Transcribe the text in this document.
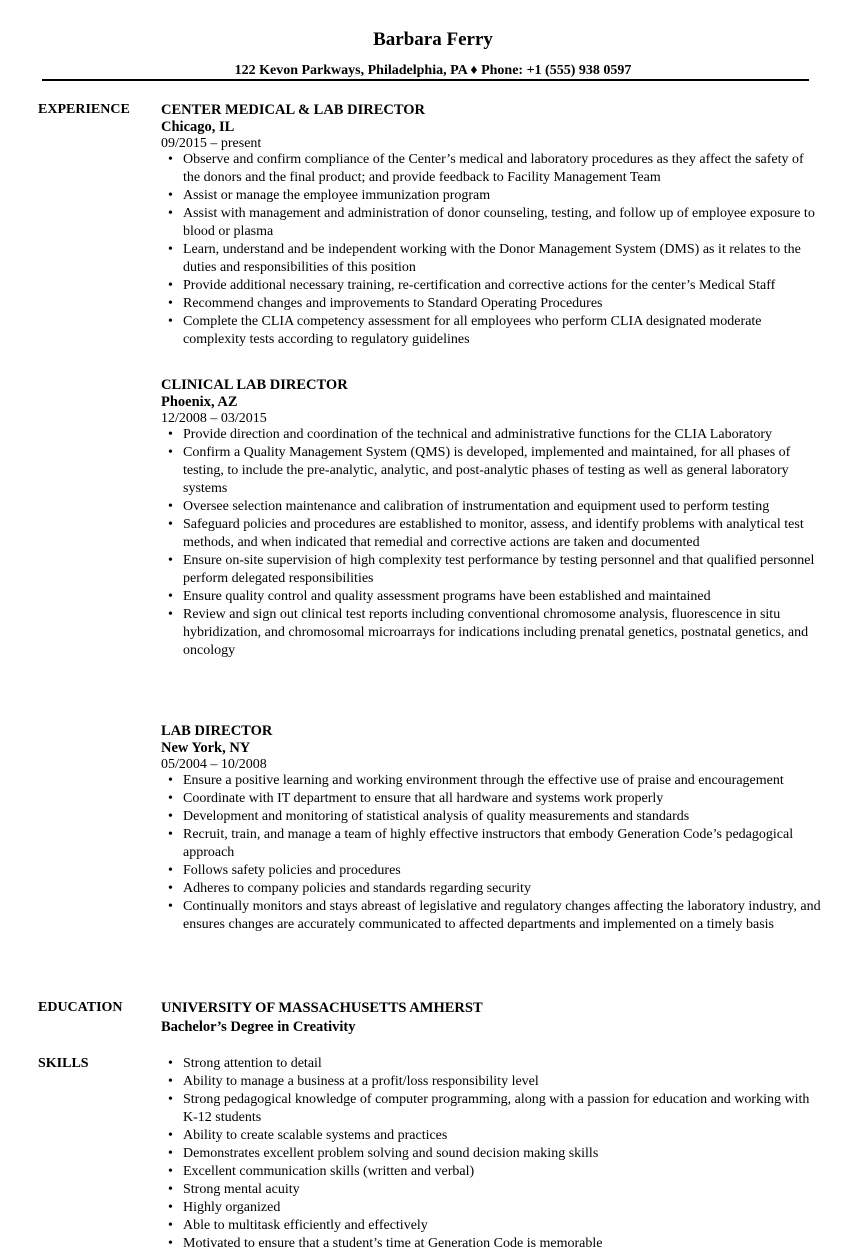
Barbara Ferry
122 Kevon Parkways, Philadelphia, PA ♦ Phone: +1 (555) 938 0597
EXPERIENCE CENTER MEDICAL & LAB DIRECTOR
Chicago, IL
09/2015 – present
• Observe and confirm compliance of the Center’s medical and laboratory procedures as they affect the safety of the donors and the final product; and provide feedback to Facility Management Team
• Assist or manage the employee immunization program
• Assist with management and administration of donor counseling, testing, and follow up of employee exposure to blood or plasma
• Learn, understand and be independent working with the Donor Management System (DMS) as it relates to the duties and responsibilities of this position
• Provide additional necessary training, re-certification and corrective actions for the center’s Medical Staff
• Recommend changes and improvements to Standard Operating Procedures
• Complete the CLIA competency assessment for all employees who perform CLIA designated moderate complexity tests according to regulatory guidelines
CLINICAL LAB DIRECTOR
Phoenix, AZ
12/2008 – 03/2015
• Provide direction and coordination of the technical and administrative functions for the CLIA Laboratory
• Confirm a Quality Management System (QMS) is developed, implemented and maintained, for all phases of testing, to include the pre-analytic, analytic, and post-analytic phases of testing as well as general laboratory systems
• Oversee selection maintenance and calibration of instrumentation and equipment used to perform testing
• Safeguard policies and procedures are established to monitor, assess, and identify problems with analytical test methods, and when indicated that remedial and corrective actions are taken and documented
• Ensure on-site supervision of high complexity test performance by testing personnel and that qualified personnel perform delegated responsibilities
• Ensure quality control and quality assessment programs have been established and maintained
• Review and sign out clinical test reports including conventional chromosome analysis, fluorescence in situ hybridization, and chromosomal microarrays for indications including prenatal genetics, postnatal genetics, and oncology
LAB DIRECTOR
New York, NY
05/2004 – 10/2008
• Ensure a positive learning and working environment through the effective use of praise and encouragement
• Coordinate with IT department to ensure that all hardware and systems work properly
• Development and monitoring of statistical analysis of quality measurements and standards
• Recruit, train, and manage a team of highly effective instructors that embody Generation Code’s pedagogical approach
• Follows safety policies and procedures
• Adheres to company policies and standards regarding security
• Continually monitors and stays abreast of legislative and regulatory changes affecting the laboratory industry, and ensures changes are accurately communicated to affected departments and implemented on a timely basis
EDUCATION	UNIVERSITY OF MASSACHUSETTS AMHERST
Bachelor’s Degree in Creativity
SKILLS
•	Strong attention to detail
• Ability to manage a business at a profit/loss responsibility level
• Strong pedagogical knowledge of computer programming, along with a passion for education and working with K-12 students
• Ability to create scalable systems and practices
• Demonstrates excellent problem solving and sound decision making skills
• Excellent communication skills (written and verbal)
• Strong mental acuity
• Highly organized
• Able to multitask efficiently and effectively
• Motivated to ensure that a student’s time at Generation Code is memorable
